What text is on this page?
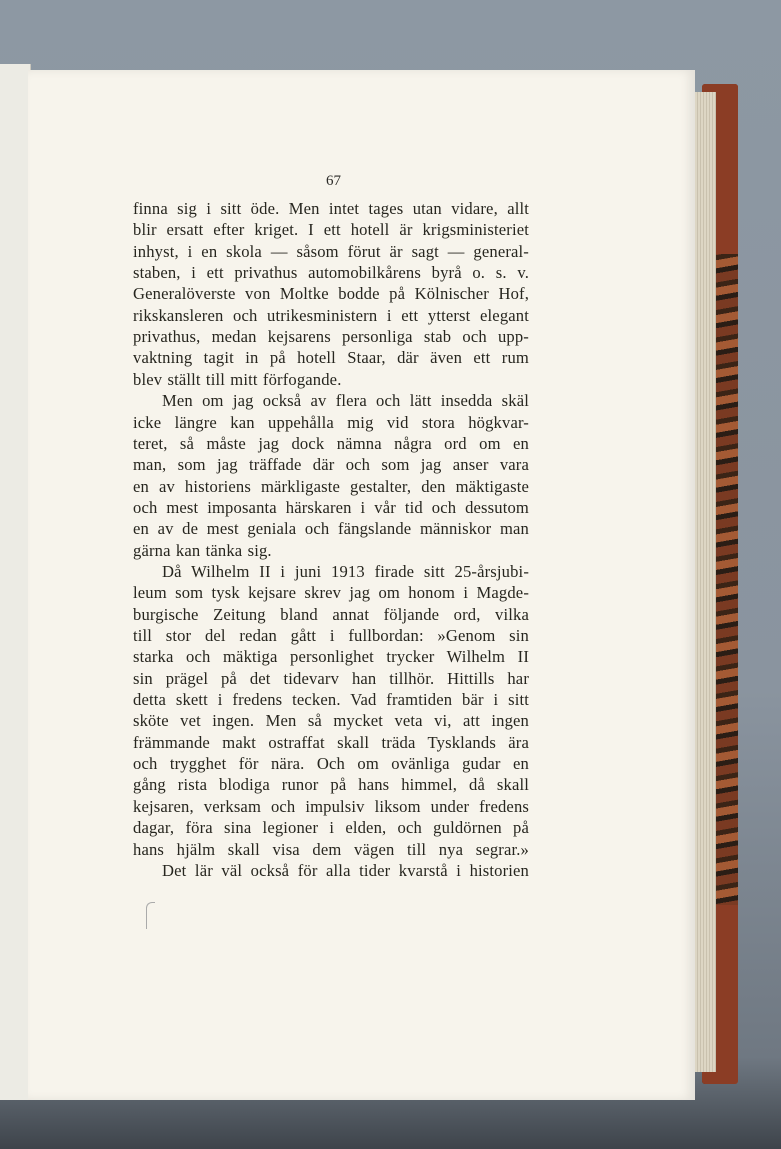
67
finna sig i sitt öde. Men intet tages utan vidare, allt
blir ersatt efter kriget. I ett hotell är krigsministeriet
inhyst, i en skola — såsom förut är sagt — general-
staben, i ett privathus automobilkårens byrå o. s. v.
Generalöverste von Moltke bodde på Kölnischer Hof,
rikskansleren och utrikesministern i ett ytterst elegant
privathus, medan kejsarens personliga stab och upp-
vaktning tagit in på hotell Staar, där även ett rum
blev ställt till mitt förfogande.
Men om jag också av flera och lätt insedda skäl
icke längre kan uppehålla mig vid stora högkvar-
teret, så måste jag dock nämna några ord om en
man, som jag träffade där och som jag anser vara
en av historiens märkligaste gestalter, den mäktigaste
och mest imposanta härskaren i vår tid och dessutom
en av de mest geniala och fängslande människor man
gärna kan tänka sig.
Då Wilhelm II i juni 1913 firade sitt 25-årsjubi-
leum som tysk kejsare skrev jag om honom i Magde-
burgische Zeitung bland annat följande ord, vilka
till stor del redan gått i fullbordan: »Genom sin
starka och mäktiga personlighet trycker Wilhelm II
sin prägel på det tidevarv han tillhör. Hittills har
detta skett i fredens tecken. Vad framtiden bär i sitt
sköte vet ingen. Men så mycket veta vi, att ingen
främmande makt ostraffat skall träda Tysklands ära
och trygghet för nära. Och om ovänliga gudar en
gång rista blodiga runor på hans himmel, då skall
kejsaren, verksam och impulsiv liksom under fredens
dagar, föra sina legioner i elden, och guldörnen på
hans hjälm skall visa dem vägen till nya segrar.»
Det lär väl också för alla tider kvarstå i historien
